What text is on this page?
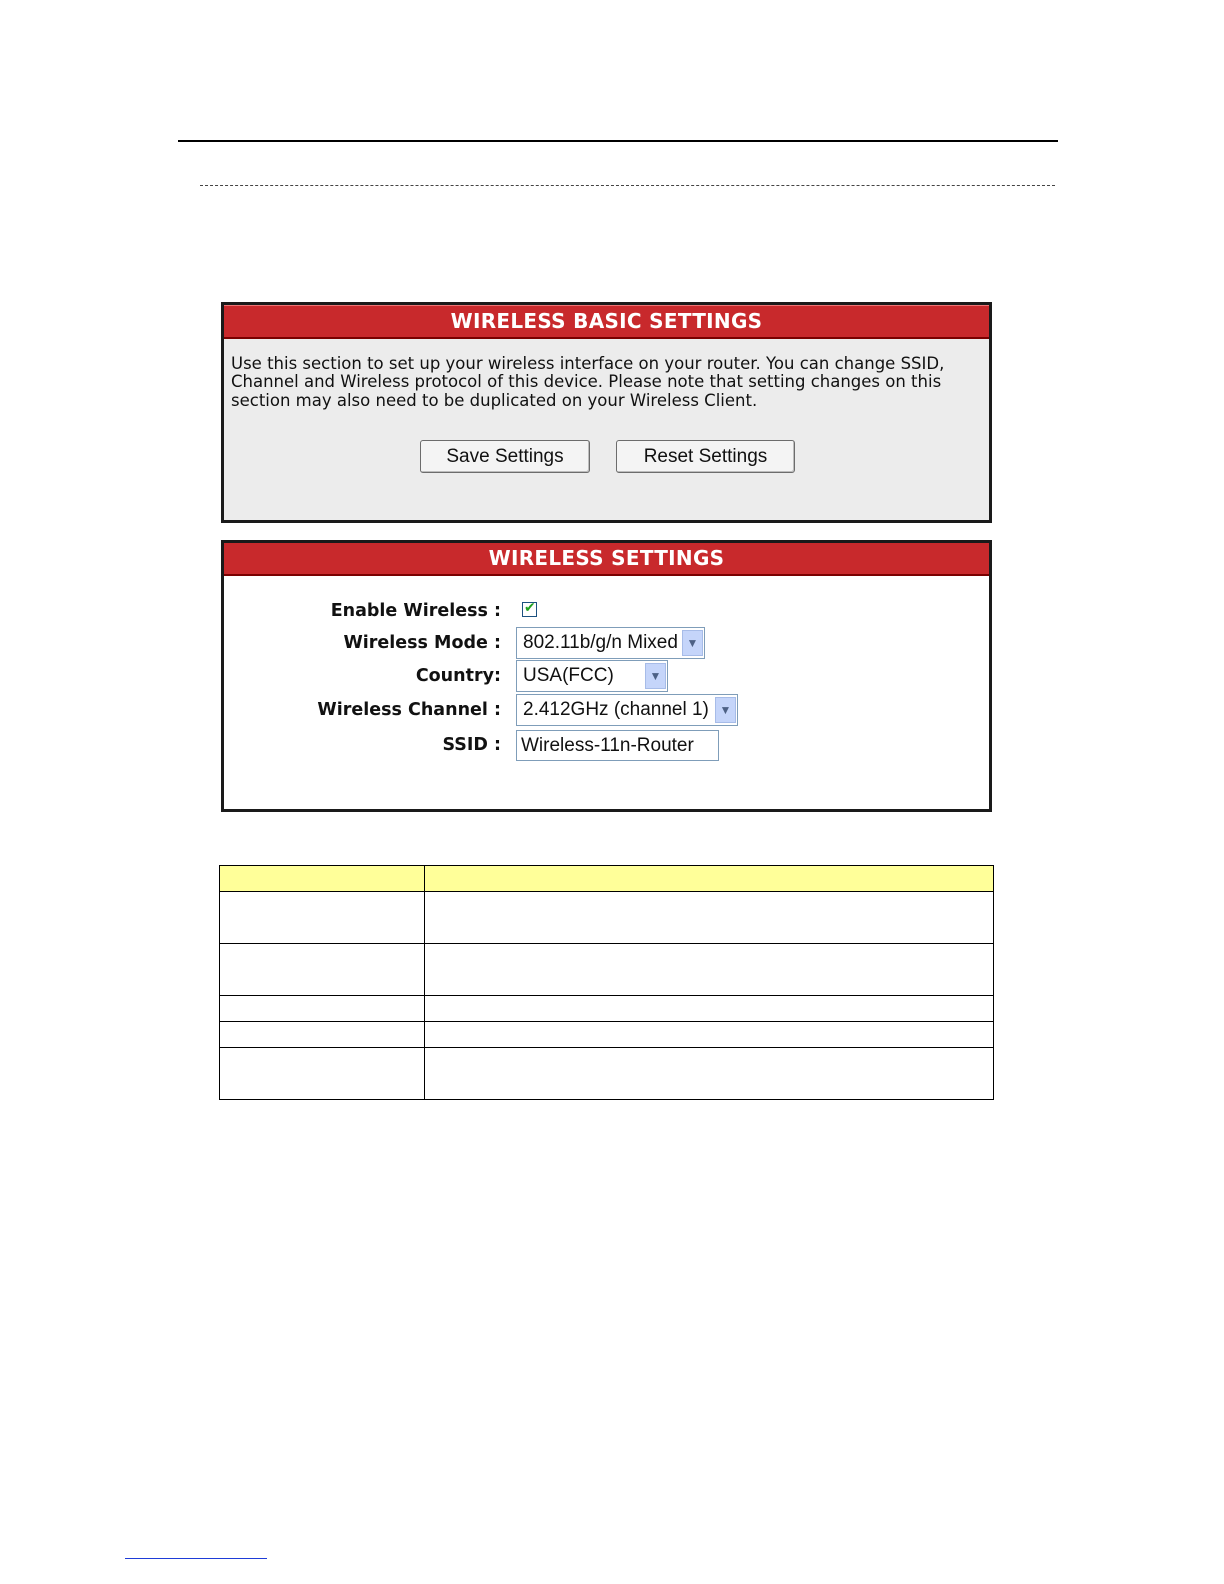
WIRELESS BASIC SETTINGS
Use this section to set up your wireless interface on your router. You can change SSID, Channel and Wireless protocol of this device. Please note that setting changes on this section may also need to be duplicated on your Wireless Client.
Save Settings	Reset Settings
WIRELESS SETTINGS
Enable Wireless : ✔
Wireless Mode : 802.11b/g/n Mixed ▼
Country: USA(FCC)	▼
Wireless Channel : 2.412GHz (channel 1) ▼
SSID : Wireless-11n-Router
